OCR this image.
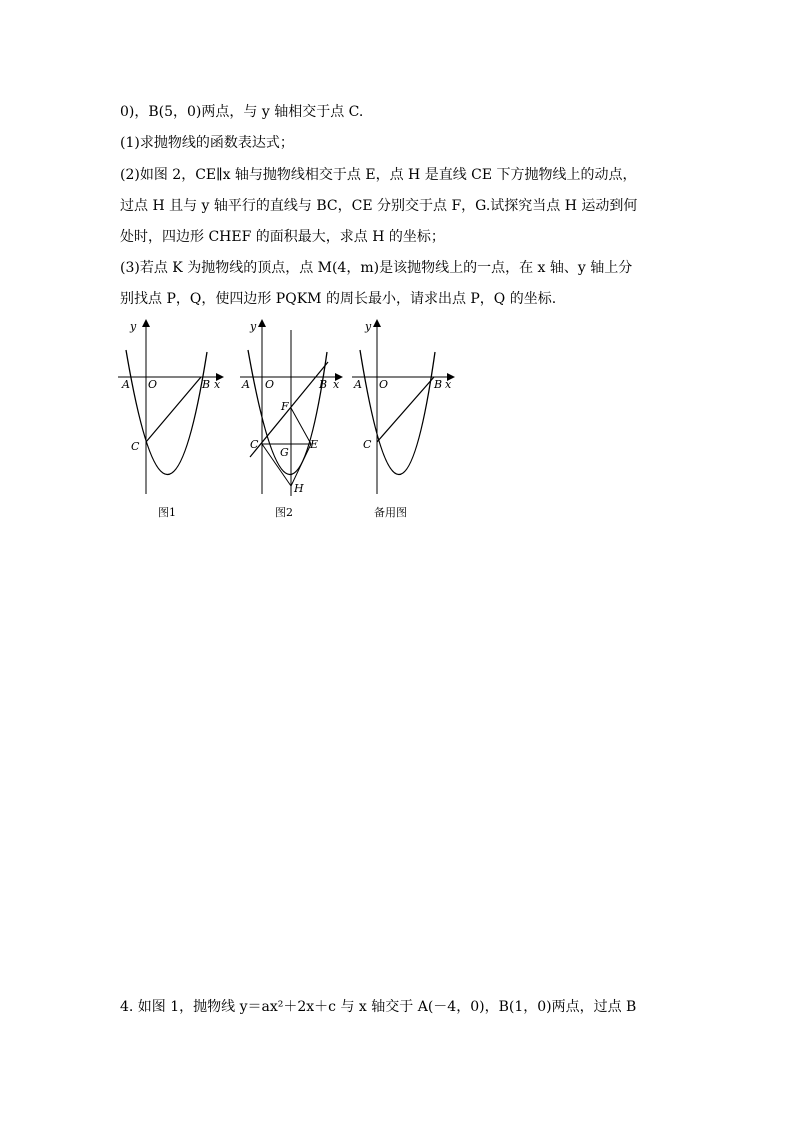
0)，B(5，0)两点，与 y 轴相交于点 C.
(1)求抛物线的函数表达式；
(2)如图 2，CE∥x 轴与抛物线相交于点 E，点 H 是直线 CE 下方抛物线上的动点，
过点 H 且与 y 轴平行的直线与 BC，CE 分别交于点 F，G.试探究当点 H 运动到何
处时，四边形 CHEF 的面积最大，求点 H 的坐标；
(3)若点 K 为抛物线的顶点，点 M(4，m)是该抛物线上的一点，在 x 轴、y 轴上分
别找点 P，Q，使四边形 PQKM 的周长最小，请求出点 P，Q 的坐标.
y
x
A O	B
C
图1
y
x
A O	B
C
F
G
E
H
图2
y
x
A O	B
C
备用图
4. 如图 1，抛物线 y＝ax²＋2x＋c 与 x 轴交于 A(－4，0)，B(1，0)两点，过点 B
